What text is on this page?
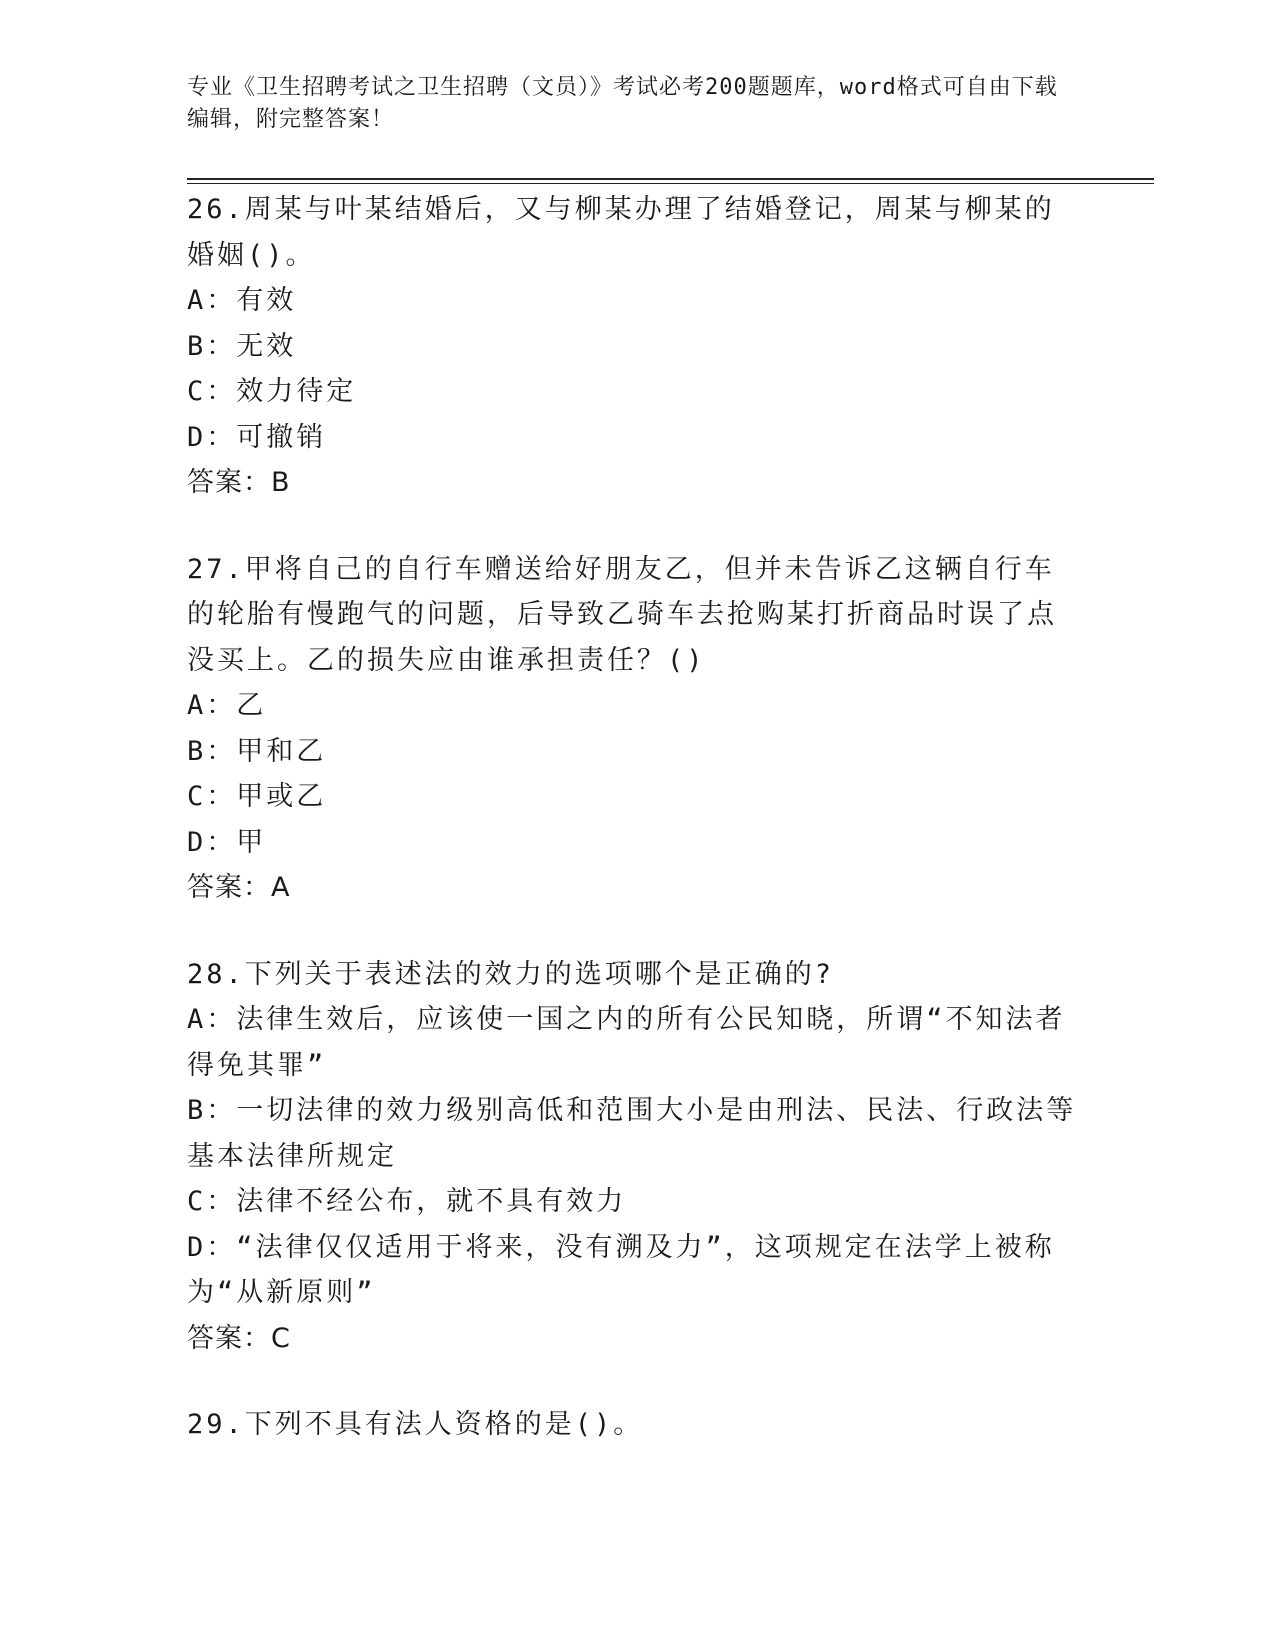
专业《卫生招聘考试之卫生招聘（文员）》考试必考200题题库，word格式可自由下载编辑，附完整答案！
26.周某与叶某结婚后，又与柳某办理了结婚登记，周某与柳某的婚姻()。
A：有效
B：无效
C：效力待定
D：可撤销
答案：B
27.甲将自己的自行车赠送给好朋友乙，但并未告诉乙这辆自行车的轮胎有慢跑气的问题，后导致乙骑车去抢购某打折商品时误了点没买上。乙的损失应由谁承担责任？()
A：乙
B：甲和乙
C：甲或乙
D：甲
答案：A
28.下列关于表述法的效力的选项哪个是正确的?
A：法律生效后，应该使一国之内的所有公民知晓，所谓“不知法者得免其罪”
B：一切法律的效力级别高低和范围大小是由刑法、民法、行政法等基本法律所规定
C：法律不经公布，就不具有效力
D：“法律仅仅适用于将来，没有溯及力”，这项规定在法学上被称为“从新原则”
答案：C
29.下列不具有法人资格的是()。
